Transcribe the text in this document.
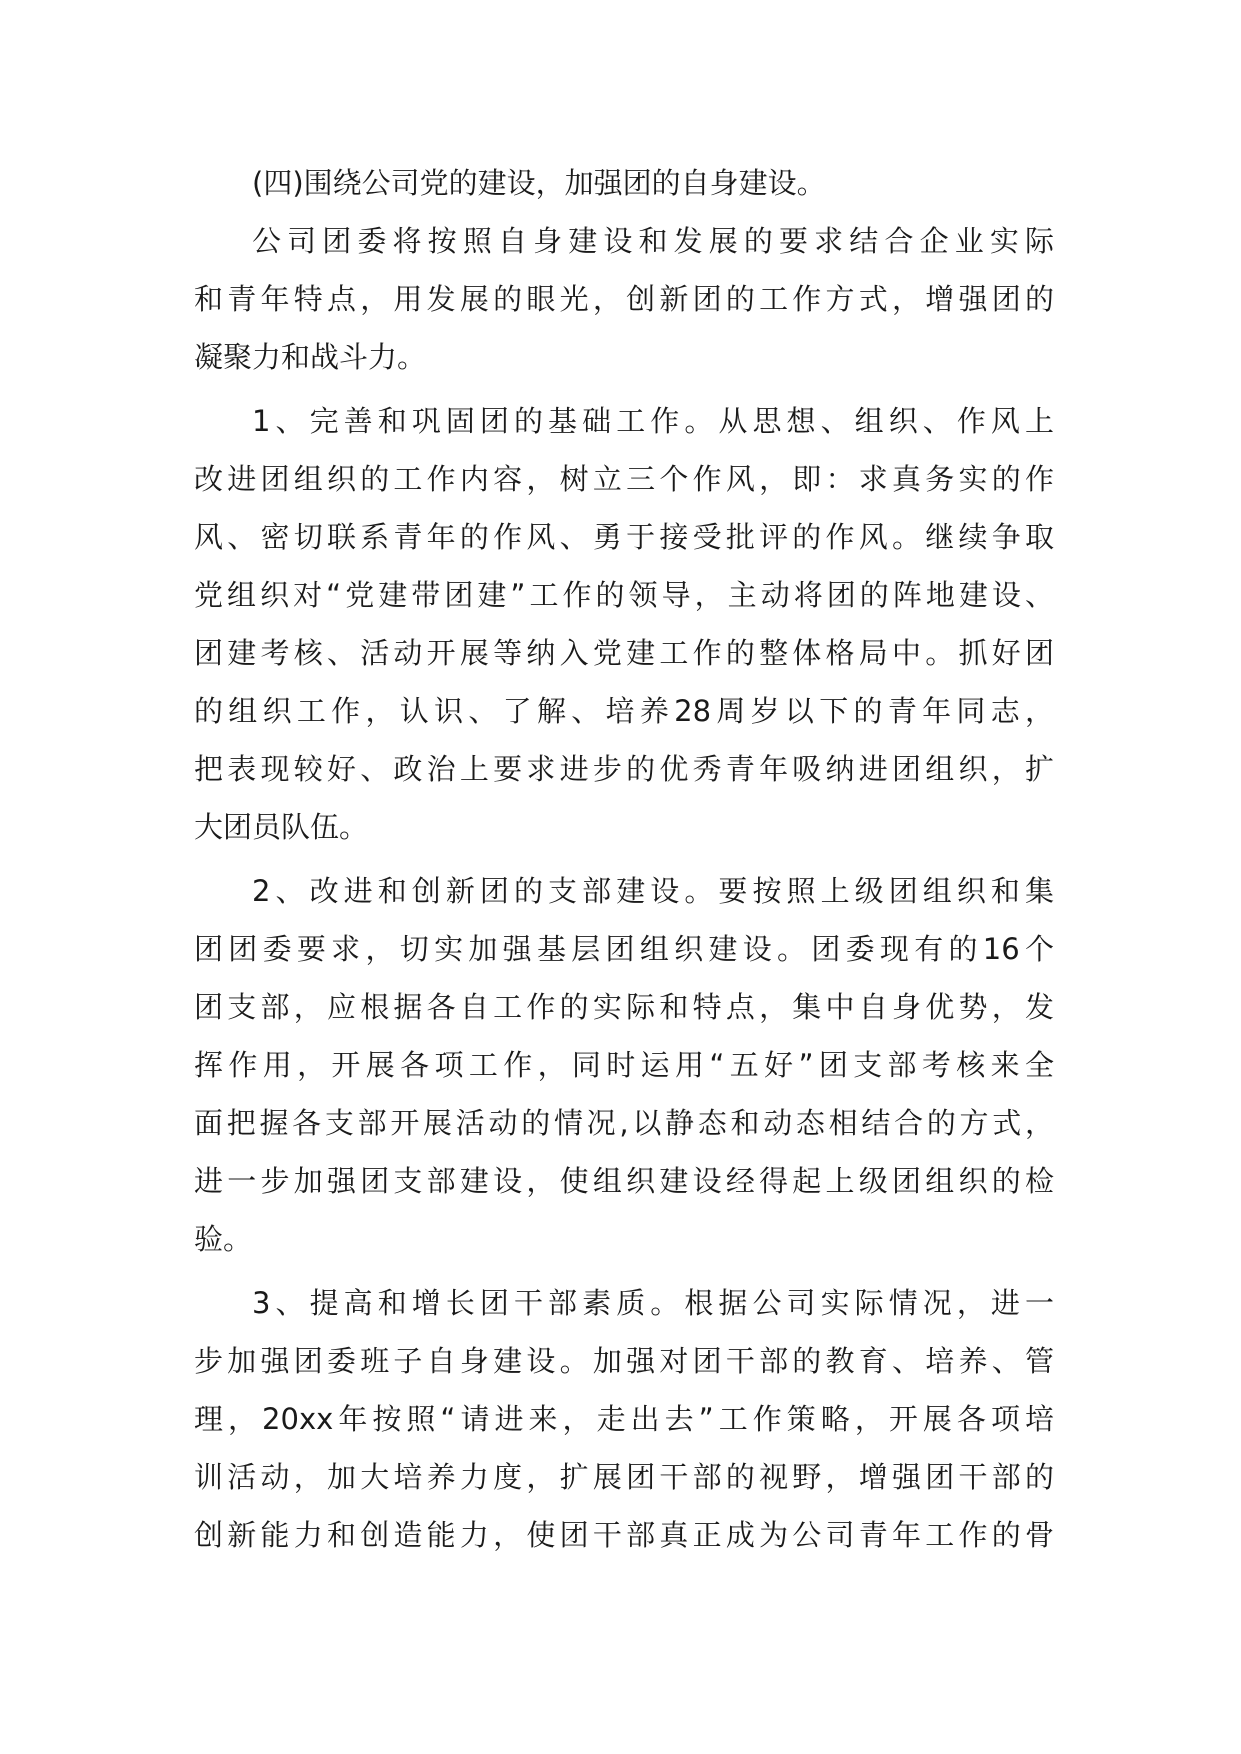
(四)围绕公司党的建设，加强团的自身建设。
公司团委将按照自身建设和发展的要求结合企业实际
和青年特点，用发展的眼光，创新团的工作方式，增强团的
凝聚力和战斗力。
1、完善和巩固团的基础工作。从思想、组织、作风上
改进团组织的工作内容，树立三个作风，即：求真务实的作
风、密切联系青年的作风、勇于接受批评的作风。继续争取
党组织对“党建带团建”工作的领导，主动将团的阵地建设、
团建考核、活动开展等纳入党建工作的整体格局中。抓好团
的组织工作，认识、了解、培养28周岁以下的青年同志，
把表现较好、政治上要求进步的优秀青年吸纳进团组织，扩
大团员队伍。
2、改进和创新团的支部建设。要按照上级团组织和集
团团委要求，切实加强基层团组织建设。团委现有的16个
团支部，应根据各自工作的实际和特点，集中自身优势，发
挥作用，开展各项工作，同时运用“五好”团支部考核来全
面把握各支部开展活动的情况,以静态和动态相结合的方式，
进一步加强团支部建设，使组织建设经得起上级团组织的检
验。
3、提高和增长团干部素质。根据公司实际情况，进一
步加强团委班子自身建设。加强对团干部的教育、培养、管
理，20xx年按照“请进来，走出去”工作策略，开展各项培
训活动，加大培养力度，扩展团干部的视野，增强团干部的
创新能力和创造能力，使团干部真正成为公司青年工作的骨
